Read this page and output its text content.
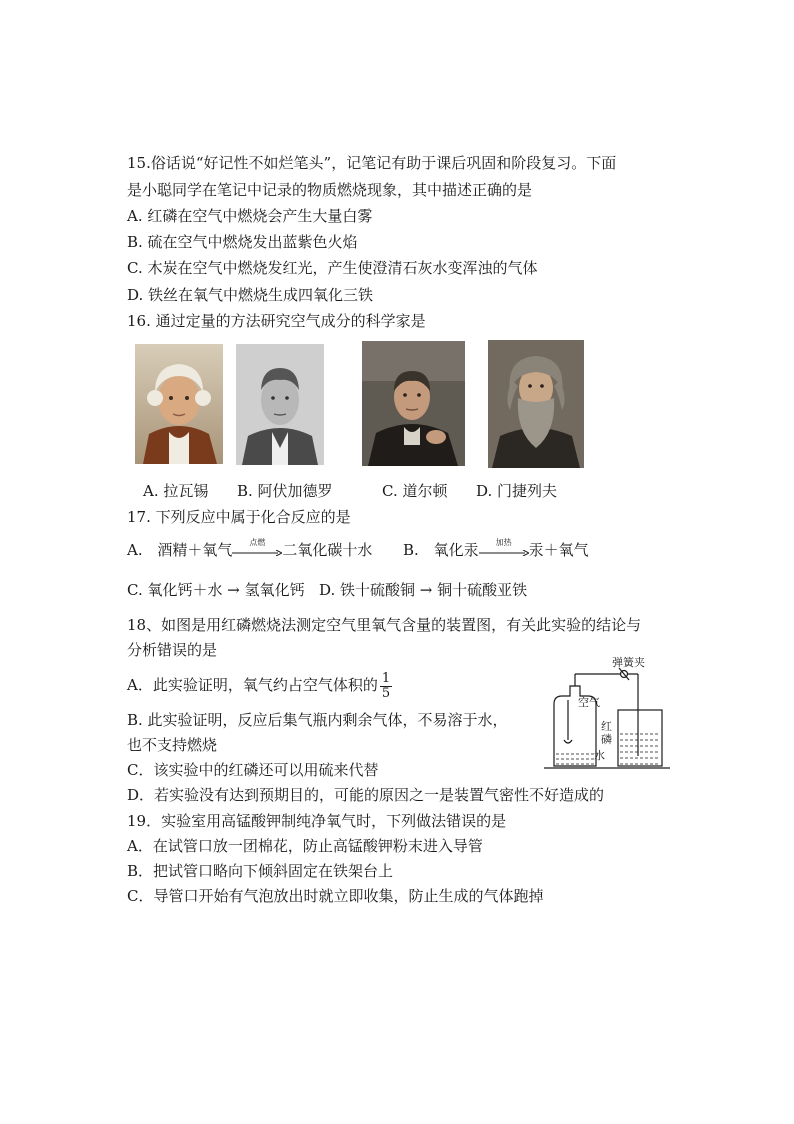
15.俗话说“好记性不如烂笔头”，记笔记有助于课后巩固和阶段复习。下面
是小聪同学在笔记中记录的物质燃烧现象，其中描述正确的是
A. 红磷在空气中燃烧会产生大量白雾
B. 硫在空气中燃烧发出蓝紫色火焰
C. 木炭在空气中燃烧发红光，产生使澄清石灰水变浑浊的气体
D. 铁丝在氧气中燃烧生成四氧化三铁
16. 通过定量的方法研究空气成分的科学家是
A. 拉瓦锡 B. 阿伏加德罗	C. 道尔顿 D. 门捷列夫
17. 下列反应中属于化合反应的是
A. 酒精＋氧气	点燃	二氧化碳十水 B. 氧化汞	加热	汞＋氧气
C. 氧化钙＋水 → 氢氧化钙 D. 铁十硫酸铜 → 铜十硫酸亚铁
18、如图是用红磷燃烧法测定空气里氧气含量的装置图，有关此实验的结论与
分析错误的是
A．此实验证明，氧气约占空气体积的 $\frac{1}{5}$
B. 此实验证明，反应后集气瓶内剩余气体，不易溶于水，
也不支持燃烧
C．该实验中的红磷还可以用硫来代替
D．若实验没有达到预期目的，可能的原因之一是装置气密性不好造成的
弹簧夹
空气
红磷
水
19．实验室用高锰酸钾制纯净氧气时，下列做法错误的是
A．在试管口放一团棉花，防止高锰酸钾粉末进入导管
B．把试管口略向下倾斜固定在铁架台上
C．导管口开始有气泡放出时就立即收集，防止生成的气体跑掉
